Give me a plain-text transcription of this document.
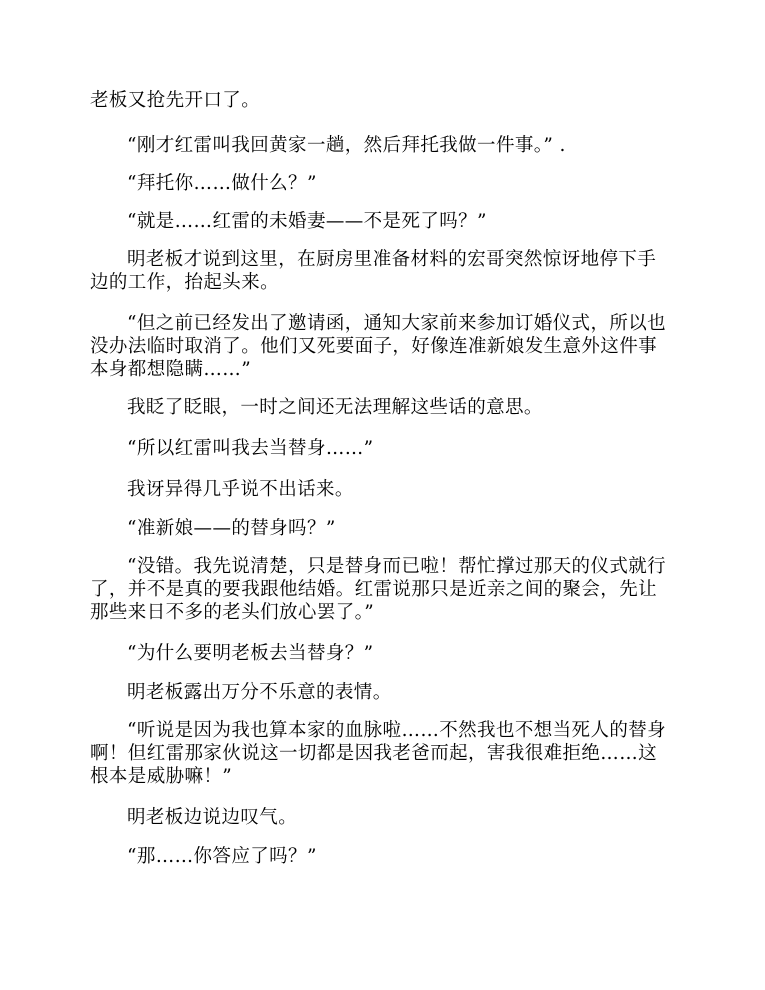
老板又抢先开口了。

“刚才红雷叫我回黄家一趟，然后拜托我做一件事。” .

“拜托你……做什么？”

“就是……红雷的未婚妻——不是死了吗？”

明老板才说到这里，在厨房里准备材料的宏哥突然惊讶地停下手边的工作，抬起头来。

“但之前已经发出了邀请函，通知大家前来参加订婚仪式，所以也没办法临时取消了。他们又死要面子，好像连准新娘发生意外这件事本身都想隐瞒……”

我眨了眨眼，一时之间还无法理解这些话的意思。

“所以红雷叫我去当替身……”

我讶异得几乎说不出话来。

“准新娘——的替身吗？”

“没错。我先说清楚，只是替身而已啦！帮忙撑过那天的仪式就行了，并不是真的要我跟他结婚。红雷说那只是近亲之间的聚会，先让那些来日不多的老头们放心罢了。”

“为什么要明老板去当替身？”

明老板露出万分不乐意的表情。

“听说是因为我也算本家的血脉啦……不然我也不想当死人的替身啊！但红雷那家伙说这一切都是因我老爸而起，害我很难拒绝……这根本是威胁嘛！”

明老板边说边叹气。

“那……你答应了吗？”
